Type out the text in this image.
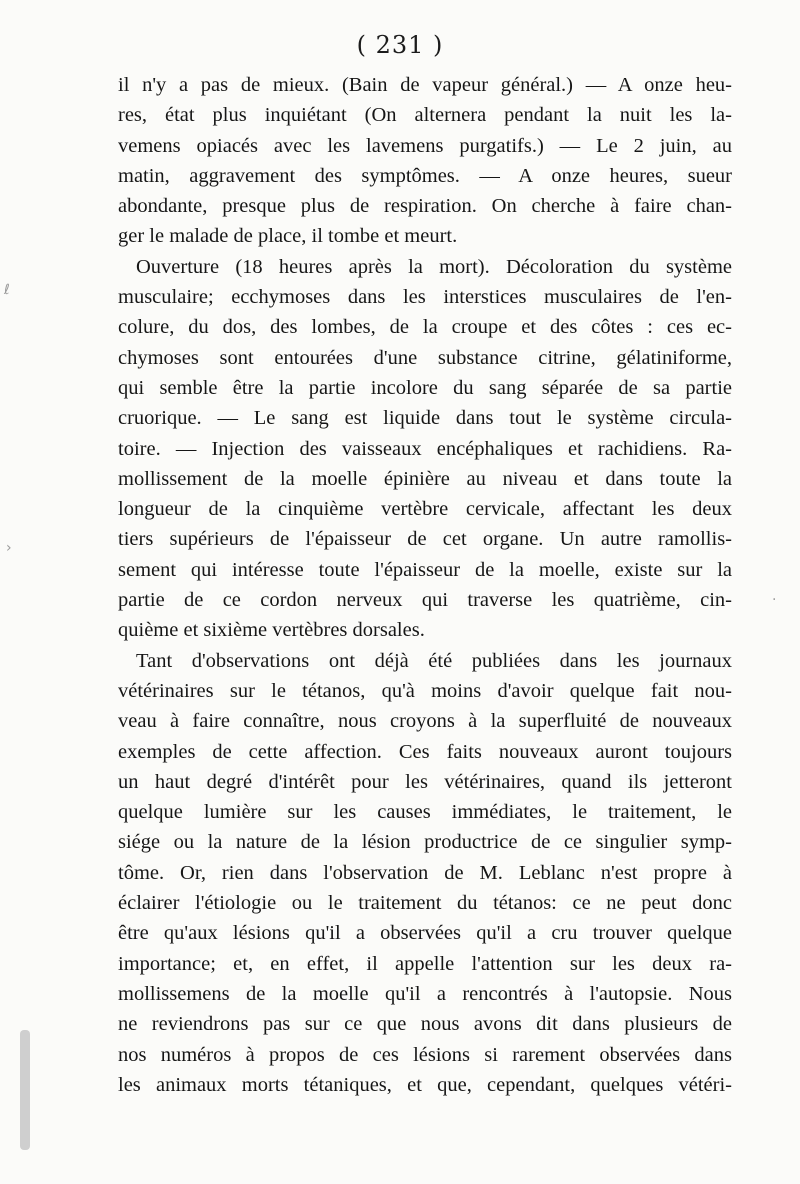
ℓ
·
›
( 231 )
il n'y a pas de mieux. (Bain de vapeur général.) — A onze heu-
res, état plus inquiétant (On alternera pendant la nuit les la-
vemens opiacés avec les lavemens purgatifs.) — Le 2 juin, au
matin, aggravement des symptômes. — A onze heures, sueur
abondante, presque plus de respiration. On cherche à faire chan-
ger le malade de place, il tombe et meurt.
Ouverture (18 heures après la mort). Décoloration du système
musculaire; ecchymoses dans les interstices musculaires de l'en-
colure, du dos, des lombes, de la croupe et des côtes : ces ec-
chymoses sont entourées d'une substance citrine, gélatiniforme,
qui semble être la partie incolore du sang séparée de sa partie
cruorique. — Le sang est liquide dans tout le système circula-
toire. — Injection des vaisseaux encéphaliques et rachidiens. Ra-
mollissement de la moelle épinière au niveau et dans toute la
longueur de la cinquième vertèbre cervicale, affectant les deux
tiers supérieurs de l'épaisseur de cet organe. Un autre ramollis-
sement qui intéresse toute l'épaisseur de la moelle, existe sur la
partie de ce cordon nerveux qui traverse les quatrième, cin-
quième et sixième vertèbres dorsales.
Tant d'observations ont déjà été publiées dans les journaux
vétérinaires sur le tétanos, qu'à moins d'avoir quelque fait nou-
veau à faire connaître, nous croyons à la superfluité de nouveaux
exemples de cette affection. Ces faits nouveaux auront toujours
un haut degré d'intérêt pour les vétérinaires, quand ils jetteront
quelque lumière sur les causes immédiates, le traitement, le
siége ou la nature de la lésion productrice de ce singulier symp-
tôme. Or, rien dans l'observation de M. Leblanc n'est propre à
éclairer l'étiologie ou le traitement du tétanos: ce ne peut donc
être qu'aux lésions qu'il a observées qu'il a cru trouver quelque
importance; et, en effet, il appelle l'attention sur les deux ra-
mollissemens de la moelle qu'il a rencontrés à l'autopsie. Nous
ne reviendrons pas sur ce que nous avons dit dans plusieurs de
nos numéros à propos de ces lésions si rarement observées dans
les animaux morts tétaniques, et que, cependant, quelques vétéri-
